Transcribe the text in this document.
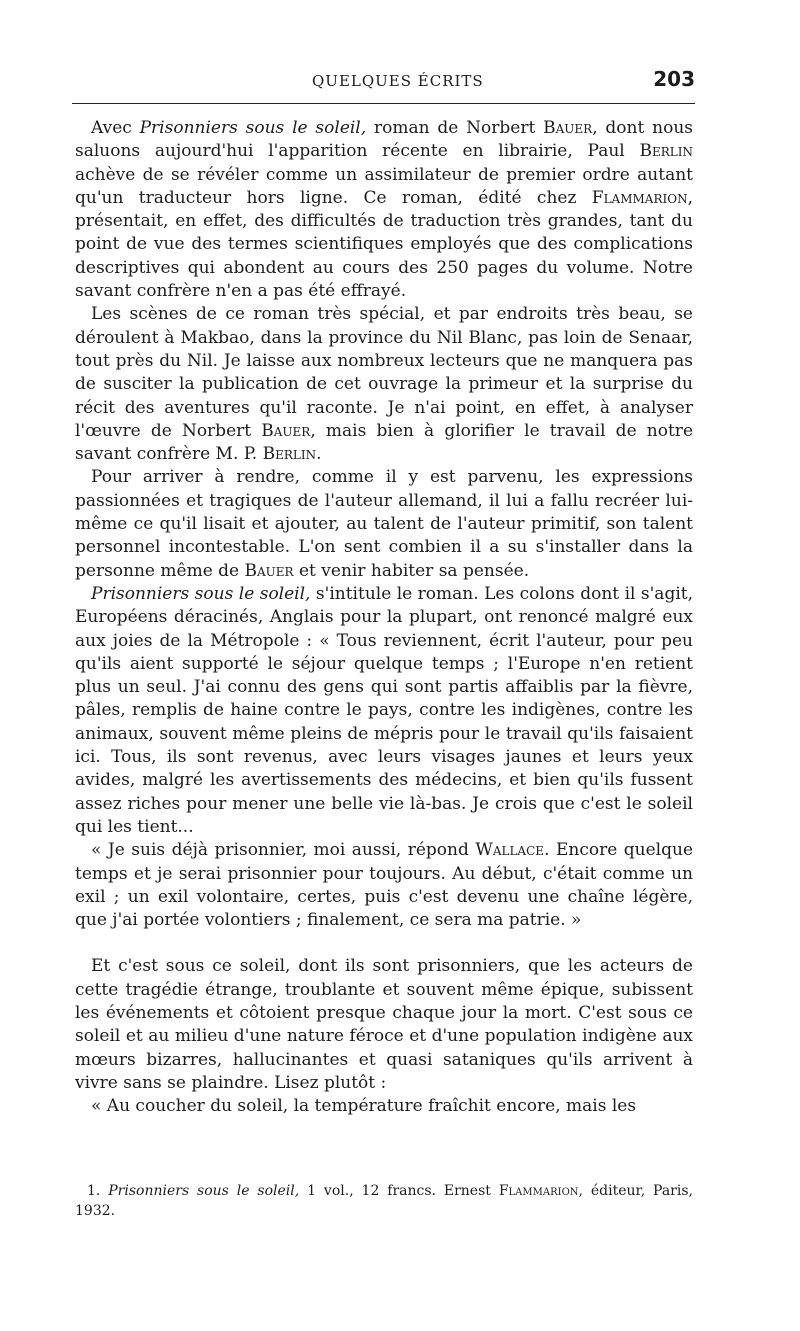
QUELQUES ÉCRITS	203

Avec Prisonniers sous le soleil, roman de Norbert Bauer, dont nous saluons aujourd'hui l'apparition récente en librairie, Paul Berlin achève de se révéler comme un assimilateur de premier ordre autant qu'un traducteur hors ligne. Ce roman, édité chez Flammarion, présentait, en effet, des difficultés de traduction très grandes, tant du point de vue des termes scientifiques employés que des complications descriptives qui abondent au cours des 250 pages du volume. Notre savant confrère n'en a pas été effrayé.

Les scènes de ce roman très spécial, et par endroits très beau, se déroulent à Makbao, dans la province du Nil Blanc, pas loin de Senaar, tout près du Nil. Je laisse aux nombreux lecteurs que ne manquera pas de susciter la publication de cet ouvrage la primeur et la surprise du récit des aventures qu'il raconte. Je n'ai point, en effet, à analyser l'œuvre de Norbert Bauer, mais bien à glorifier le travail de notre savant confrère M. P. Berlin.

Pour arriver à rendre, comme il y est parvenu, les expressions passionnées et tragiques de l'auteur allemand, il lui a fallu recréer lui-même ce qu'il lisait et ajouter, au talent de l'auteur primitif, son talent personnel incontestable. L'on sent combien il a su s'installer dans la personne même de Bauer et venir habiter sa pensée.

Prisonniers sous le soleil, s'intitule le roman. Les colons dont il s'agit, Européens déracinés, Anglais pour la plupart, ont renoncé malgré eux aux joies de la Métropole : « Tous reviennent, écrit l'auteur, pour peu qu'ils aient supporté le séjour quelque temps ; l'Europe n'en retient plus un seul. J'ai connu des gens qui sont partis affaiblis par la fièvre, pâles, remplis de haine contre le pays, contre les indigènes, contre les animaux, souvent même pleins de mépris pour le travail qu'ils faisaient ici. Tous, ils sont revenus, avec leurs visages jaunes et leurs yeux avides, malgré les avertissements des médecins, et bien qu'ils fussent assez riches pour mener une belle vie là-bas. Je crois que c'est le soleil qui les tient...

« Je suis déjà prisonnier, moi aussi, répond Wallace. Encore quelque temps et je serai prisonnier pour toujours. Au début, c'était comme un exil ; un exil volontaire, certes, puis c'est devenu une chaîne légère, que j'ai portée volontiers ; finalement, ce sera ma patrie. »

Et c'est sous ce soleil, dont ils sont prisonniers, que les acteurs de cette tragédie étrange, troublante et souvent même épique, subissent les événements et côtoient presque chaque jour la mort. C'est sous ce soleil et au milieu d'une nature féroce et d'une population indigène aux mœurs bizarres, hallucinantes et quasi sataniques qu'ils arrivent à vivre sans se plaindre. Lisez plutôt :

« Au coucher du soleil, la température fraîchit encore, mais les

1. Prisonniers sous le soleil, 1 vol., 12 francs. Ernest Flammarion, éditeur, Paris, 1932.
